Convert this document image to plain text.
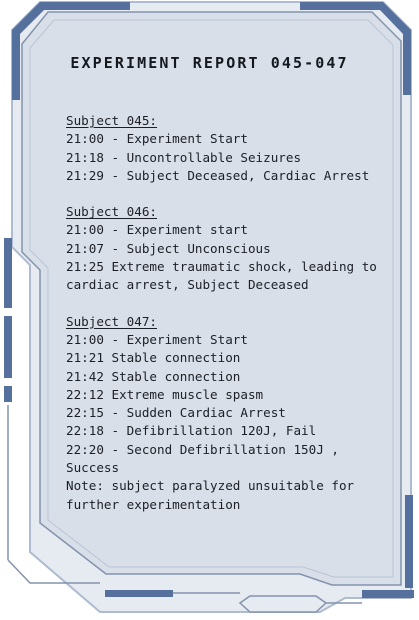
EXPERIMENT REPORT 045-047
Subject 045:
21:00 - Experiment Start
21:18 - Uncontrollable Seizures
21:29 - Subject Deceased, Cardiac Arrest
Subject 046:
21:00 - Experiment start
21:07 - Subject Unconscious
21:25 Extreme traumatic shock, leading to cardiac arrest, Subject Deceased
Subject 047:
21:00 - Experiment Start
21:21 Stable connection
21:42 Stable connection
22:12 Extreme muscle spasm
22:15 - Sudden Cardiac Arrest
22:18 - Defibrillation 120J, Fail
22:20 - Second Defibrillation 150J , Success
Note: subject paralyzed unsuitable for further experimentation
